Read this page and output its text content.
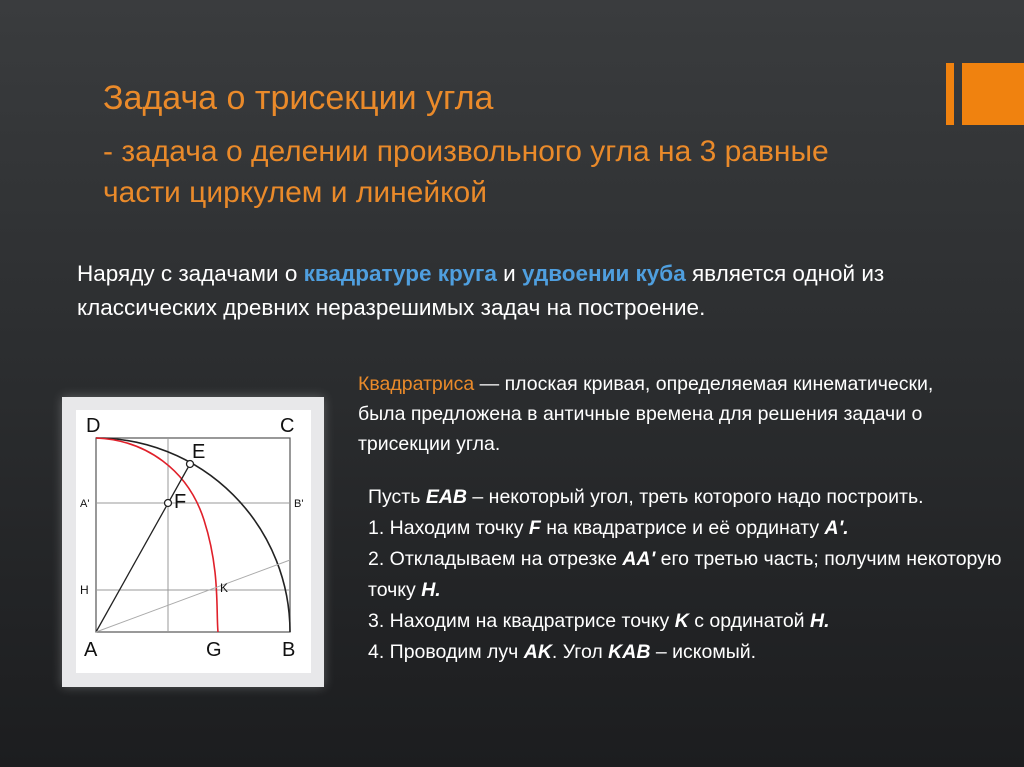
Задача о трисекции угла
- задача о делении произвольного угла на 3 равные части циркулем и линейкой
Наряду с задачами о квадратуре круга и удвоении куба является одной из классических древних неразрешимых задач на построение.
Квадратриса — плоская кривая, определяемая кинематически, была предложена в античные времена для решения задачи о трисекции угла.
Пусть EAB – некоторый угол, треть которого надо построить.
1. Находим точку F на квадратрисе и её ординату A'.
2. Откладываем на отрезке AA' его третью часть; получим некоторую точку H.
3. Находим на квадратрисе точку K с ординатой H.
4. Проводим луч AK. Угол KAB – искомый.
D	C
E
F
A'	B'
H	K
A	G	B
